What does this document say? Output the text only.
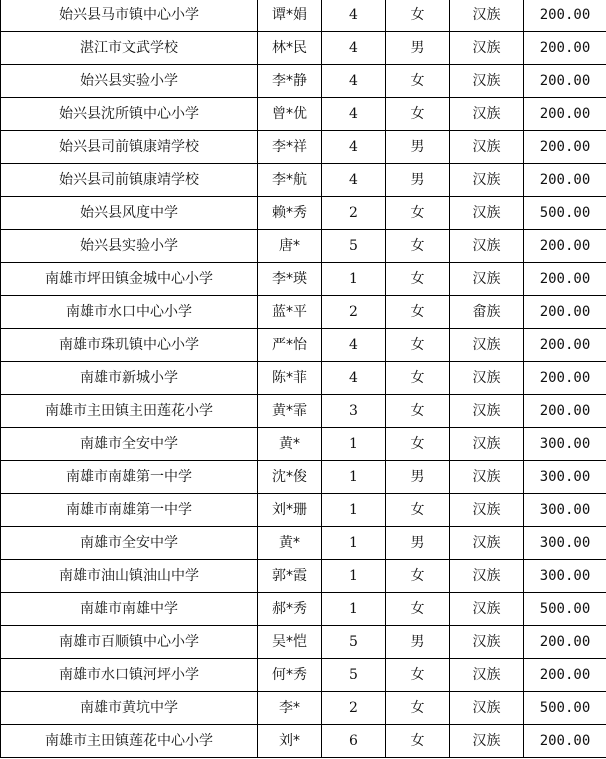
始兴县马市镇中心小学	谭*娟	4	女	汉族	200.00
湛江市文武学校	林*民	4	男	汉族	200.00
始兴县实验小学	李*静	4	女	汉族	200.00
始兴县沈所镇中心小学	曾*优	4	女	汉族	200.00
始兴县司前镇康靖学校	李*祥	4	男	汉族	200.00
始兴县司前镇康靖学校	李*航	4	男	汉族	200.00
始兴县风度中学	赖*秀	2	女	汉族	500.00
始兴县实验小学	唐*	5	女	汉族	200.00
南雄市坪田镇金城中心小学	李*瑛	1	女	汉族	200.00
南雄市水口中心小学	蓝*平	2	女	畲族	200.00
南雄市珠玑镇中心小学	严*怡	4	女	汉族	200.00
南雄市新城小学	陈*菲	4	女	汉族	200.00
南雄市主田镇主田莲花小学	黄*霏	3	女	汉族	200.00
南雄市全安中学	黄*	1	女	汉族	300.00
南雄市南雄第一中学	沈*俊	1	男	汉族	300.00
南雄市南雄第一中学	刘*珊	1	女	汉族	300.00
南雄市全安中学	黄*	1	男	汉族	300.00
南雄市油山镇油山中学	郭*霞	1	女	汉族	300.00
南雄市南雄中学	郝*秀	1	女	汉族	500.00
南雄市百顺镇中心小学	吴*恺	5	男	汉族	200.00
南雄市水口镇河坪小学	何*秀	5	女	汉族	200.00
南雄市黄坑中学	李*	2	女	汉族	500.00
南雄市主田镇莲花中心小学	刘*	6	女	汉族	200.00
